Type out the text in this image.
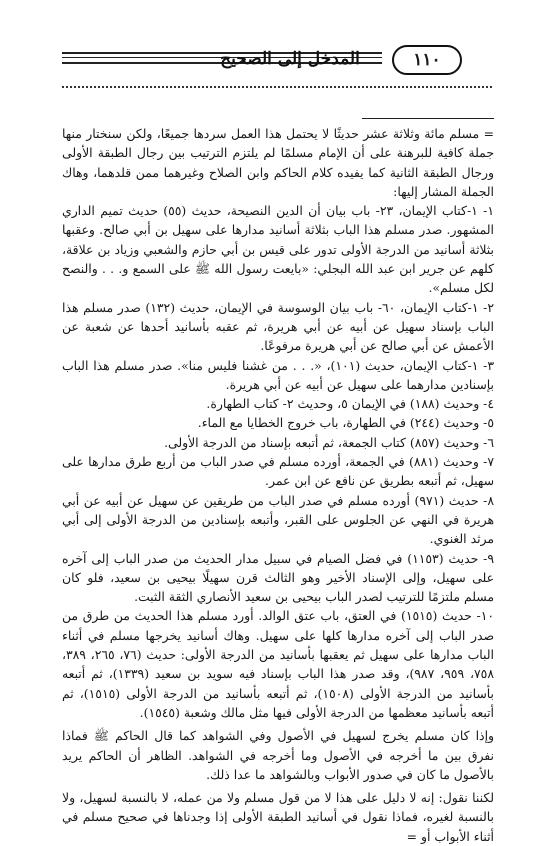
المدخل إلى الصحيح	١١٠

= مسلم مائة وثلاثة عشر حديثًا لا يحتمل هذا العمل سردها جميعًا، ولكن سنختار منها جملة كافية للبرهنة على أن الإمام مسلمًا لم يلتزم الترتيب بين رجال الطبقة الأولى ورجال الطبقة الثانية كما يفيده كلام الحاكم وابن الصلاح وغيرهما ممن قلدهما، وهاك الجملة المشار إليها:

١- ١-كتاب الإيمان، ٢٣- باب بيان أن الدين النصيحة، حديث (٥٥) حديث تميم الداري المشهور. صدر مسلم هذا الباب بثلاثة أسانيد مدارها على سهيل بن أبي صالح. وعقبها بثلاثة أسانيد من الدرجة الأولى تدور على قيس بن أبي حازم والشعبي وزياد بن علاقة، كلهم عن جرير ابن عبد الله البجلي: «بايعت رسول الله ﷺ على السمع و. . . والنصح لكل مسلم».

٢- ١-كتاب الإيمان، ٦٠- باب بيان الوسوسة في الإيمان، حديث (١٣٢) صدر مسلم هذا الباب بإسناد سهيل عن أبيه عن أبي هريرة، ثم عقبه بأسانيد أحدها عن شعبة عن الأعمش عن أبي صالح عن أبي هريرة مرفوعًا.

٣- ١-كتاب الإيمان، حديث (١٠١)، «. . . من غشنا فليس منا». صدر مسلم هذا الباب بإسنادين مدارهما على سهيل عن أبيه عن أبي هريرة.

٤- وحديث (١٨٨) في الإيمان ٥، وحديث ٢- كتاب الطهارة.

٥- وحديث (٢٤٤) في الطهارة، باب خروج الخطايا مع الماء.

٦- وحديث (٨٥٧) كتاب الجمعة، ثم أتبعه بإسناد من الدرجة الأولى.

٧- وحديث (٨٨١) في الجمعة، أورده مسلم في صدر الباب من أربع طرق مدارها على سهيل، ثم أتبعه بطريق عن نافع عن ابن عمر.

٨- حديث (٩٧١) أورده مسلم في صدر الباب من طريقين عن سهيل عن أبيه عن أبي هريرة في النهي عن الجلوس على القبر، وأتبعه بإسنادين من الدرجة الأولى إلى أبي مرثد الغنوي.

٩- حديث (١١٥٣) في فضل الصيام في سبيل مدار الحديث من صدر الباب إلى آخره على سهيل، وإلى الإسناد الأخير وهو الثالث قرن سهيلًا بيحيى بن سعيد، فلو كان مسلم ملتزمًا للترتيب لصدر الباب بيحيى بن سعيد الأنصاري الثقة الثبت.

١٠- حديث (١٥١٥) في العتق، باب عتق الوالد. أورد مسلم هذا الحديث من طرق من صدر الباب إلى آخره مدارها كلها على سهيل. وهاك أسانيد يخرجها مسلم في أثناء الباب مدارها على سهيل ثم يعقبها بأسانيد من الدرجة الأولى: حديث (٧٦، ٢٦٥، ٣٨٩، ٧٥٨، ٩٥٩، ٩٨٧)، وقد صدر هذا الباب بإسناد فيه سويد بن سعيد (١٣٣٩)، ثم أتبعه بأسانيد من الدرجة الأولى (١٥٠٨)، ثم أتبعه بأسانيد من الدرجة الأولى (١٥١٥)، ثم أتبعه بأسانيد معظمها من الدرجة الأولى فيها مثل مالك وشعبة (١٥٤٥).

وإذا كان مسلم يخرج لسهيل في الأصول وفي الشواهد كما قال الحاكم ﷺ فماذا نفرق بين ما أخرجه في الأصول وما أخرجه في الشواهد. الظاهر أن الحاكم يريد بالأصول ما كان في صدور الأبواب وبالشواهد ما عدا ذلك.

لكننا نقول: إنه لا دليل على هذا لا من قول مسلم ولا من عمله، لا بالنسبة لسهيل، ولا بالنسبة لغيره، فماذا نقول في أسانيد الطبقة الأولى إذا وجدناها في صحيح مسلم في أثناء الأبواب أو =
